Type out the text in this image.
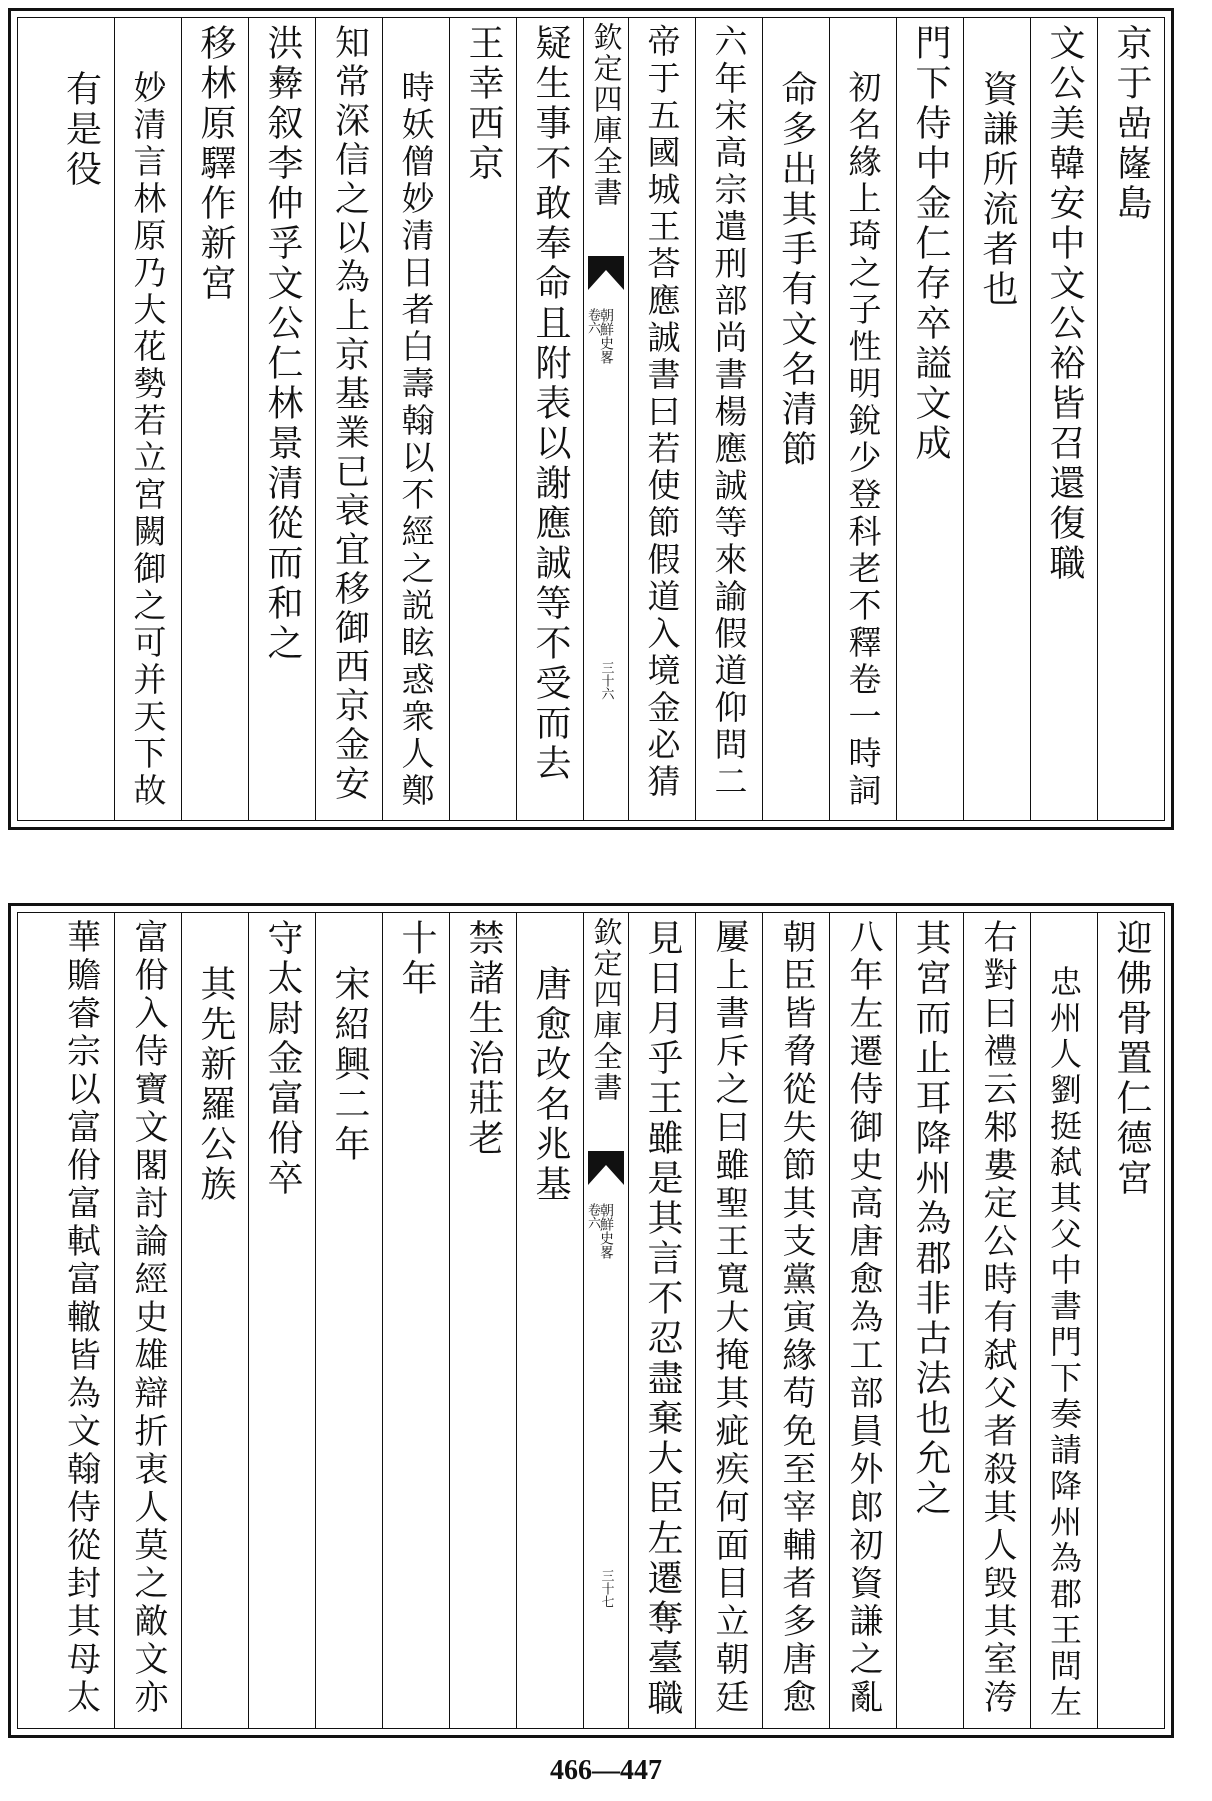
京于嵒嶐島
文公美韓安中文公裕皆召還復職
資謙所流者也
門下侍中金仁存卒謚文成
初名緣上琦之子性明銳少登科老不釋卷一時詞
命多出其手有文名清節
六年宋高宗遣刑部尚書楊應誠等來諭假道仰問二
帝于五國城王荅應誠書曰若使節假道入境金必猜
欽定四庫全書
朝鮮史畧
卷六
三十六
疑生事不敢奉命且附表以謝應誠等不受而去
王幸西京
時妖僧妙清日者白壽翰以不經之説眩惑衆人鄭
知常深信之以為上京基業已衰宜移御西京金安
洪彜叙李仲孚文公仁林景清從而和之
移林原驛作新宮
妙清言林原乃大花勢若立宮闕御之可并天下故
有是役
迎佛骨置仁德宮
忠州人劉挺弑其父中書門下奏請降州為郡王問左
右對曰禮云邾婁定公時有弑父者殺其人毁其室洿
其宮而止耳降州為郡非古法也允之
八年左遷侍御史高唐愈為工部員外郎初資謙之亂
朝臣皆脅從失節其支黨寅緣苟免至宰輔者多唐愈
屢上書斥之曰雖聖王寬大掩其疵疾何面目立朝廷
見日月乎王雖是其言不忍盡棄大臣左遷奪臺職
欽定四庫全書
朝鮮史畧
卷六
三十七
唐愈改名兆基
禁諸生治莊老
十年
宋紹興二年
守太尉金富佾卒
其先新羅公族
富佾入侍寶文閣討論經史雄辯折衷人莫之敵文亦
華贍睿宗以富佾富軾富轍皆為文翰侍從封其母太
466—447
